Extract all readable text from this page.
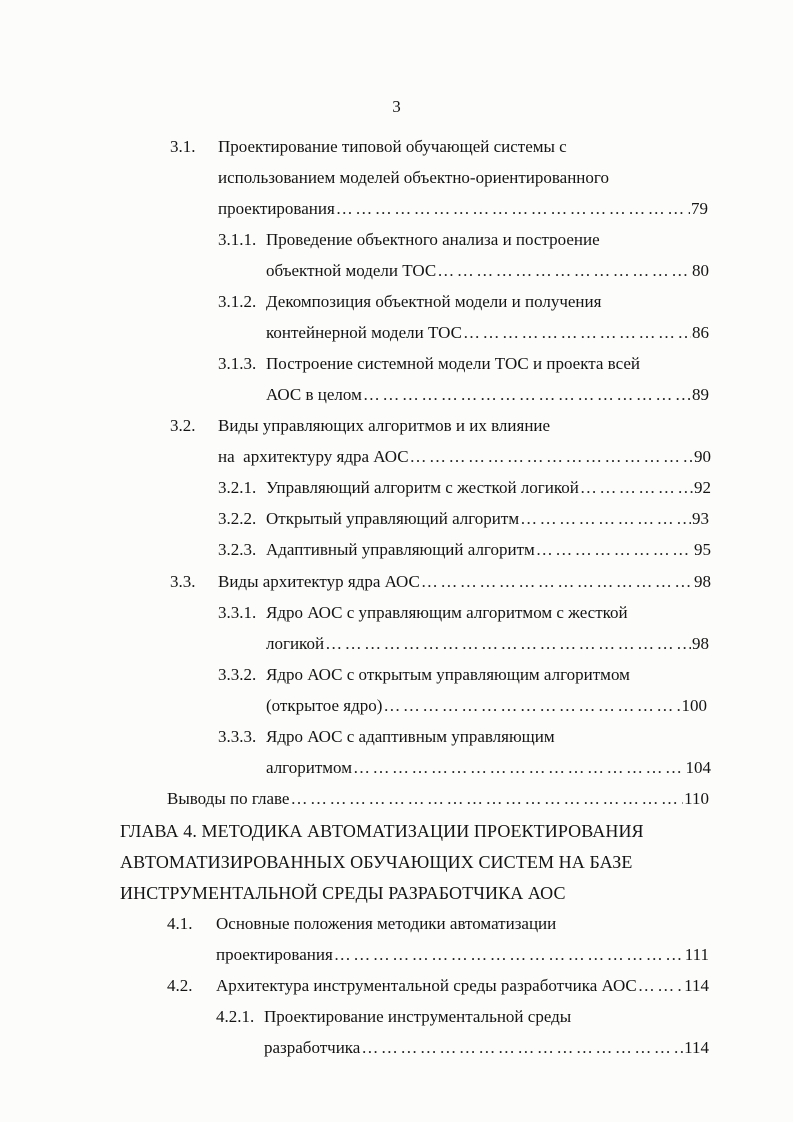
3
3.1. Проектирование типовой обучающей системы с
использованием моделей объектно-ориентированного
проектирования ………………………………………………………………………………………………………………………………………………	79
3.1.1. Проведение объектного анализа и построение
объектной модели ТОС ………………………………………………………………………………………………………………………………………………	80
3.1.2. Декомпозиция объектной модели и получения
контейнерной модели ТОС ………………………………………………………………………………………………………………………………………………	86
3.1.3. Построение системной модели ТОС и проекта всей
АОС в целом ………………………………………………………………………………………………………………………………………………	89
3.2. Виды управляющих алгоритмов и их влияние
на  архитектуру ядра АОС ………………………………………………………………………………………………………………………………………………	90
3.2.1. Управляющий алгоритм с жесткой логикой ………………………………………………………………………………………………………………………………………………	92
3.2.2. Открытый управляющий алгоритм ………………………………………………………………………………………………………………………………………………	93
3.2.3. Адаптивный управляющий алгоритм ………………………………………………………………………………………………………………………………………………	95
3.3. Виды архитектур ядра АОС ………………………………………………………………………………………………………………………………………………	98
3.3.1. Ядро АОС с управляющим алгоритмом с жесткой
логикой ………………………………………………………………………………………………………………………………………………	98
3.3.2. Ядро АОС с открытым управляющим алгоритмом
(открытое ядро) ………………………………………………………………………………………………………………………………………………	100
3.3.3. Ядро АОС с адаптивным управляющим
алгоритмом ………………………………………………………………………………………………………………………………………………	104
Выводы по главе ………………………………………………………………………………………………………………………………………………	110
ГЛАВА 4. МЕТОДИКА АВТОМАТИЗАЦИИ ПРОЕКТИРОВАНИЯ
АВТОМАТИЗИРОВАННЫХ ОБУЧАЮЩИХ СИСТЕМ НА БАЗЕ
ИНСТРУМЕНТАЛЬНОЙ СРЕДЫ РАЗРАБОТЧИКА АОС
4.1. Основные положения методики автоматизации
проектирования ………………………………………………………………………………………………………………………………………………	111
4.2. Архитектура инструментальной среды разработчика АОС ………………………………………………………………………………………………………………………………………………	114
4.2.1. Проектирование инструментальной среды
разработчика ………………………………………………………………………………………………………………………………………………	114
